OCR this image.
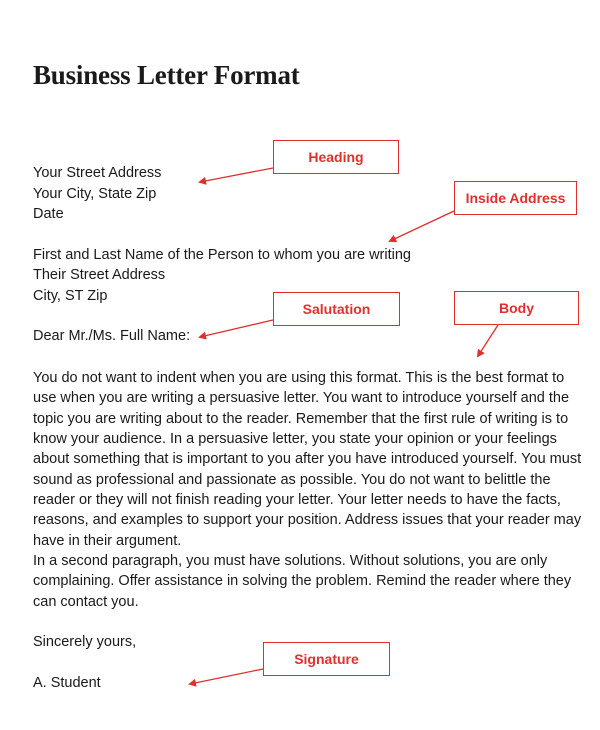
Business Letter Format
Your Street Address
Your City, State Zip
Date
First and Last Name of the Person to whom you are writing
Their Street Address
City, ST Zip
Dear Mr./Ms. Full Name:

You do not want to indent when you are using this format. This is the best format to use when you are writing a persuasive letter. You want to introduce yourself and the topic you are writing about to the reader. Remember that the first rule of writing is to know your audience. In a persuasive letter, you state your opinion or your feelings about something that is important to you after you have introduced yourself. You must sound as professional and passionate as possible. You do not want to belittle the reader or they will not finish reading your letter. Your letter needs to have the facts, reasons, and examples to support your position. Address issues that your reader may have in their argument.

In a second paragraph, you must have solutions. Without solutions, you are only complaining. Offer assistance in solving the problem. Remind the reader where they can contact you.

Sincerely yours,
A. Student
Heading
Inside Address
Salutation	Body
Signature
